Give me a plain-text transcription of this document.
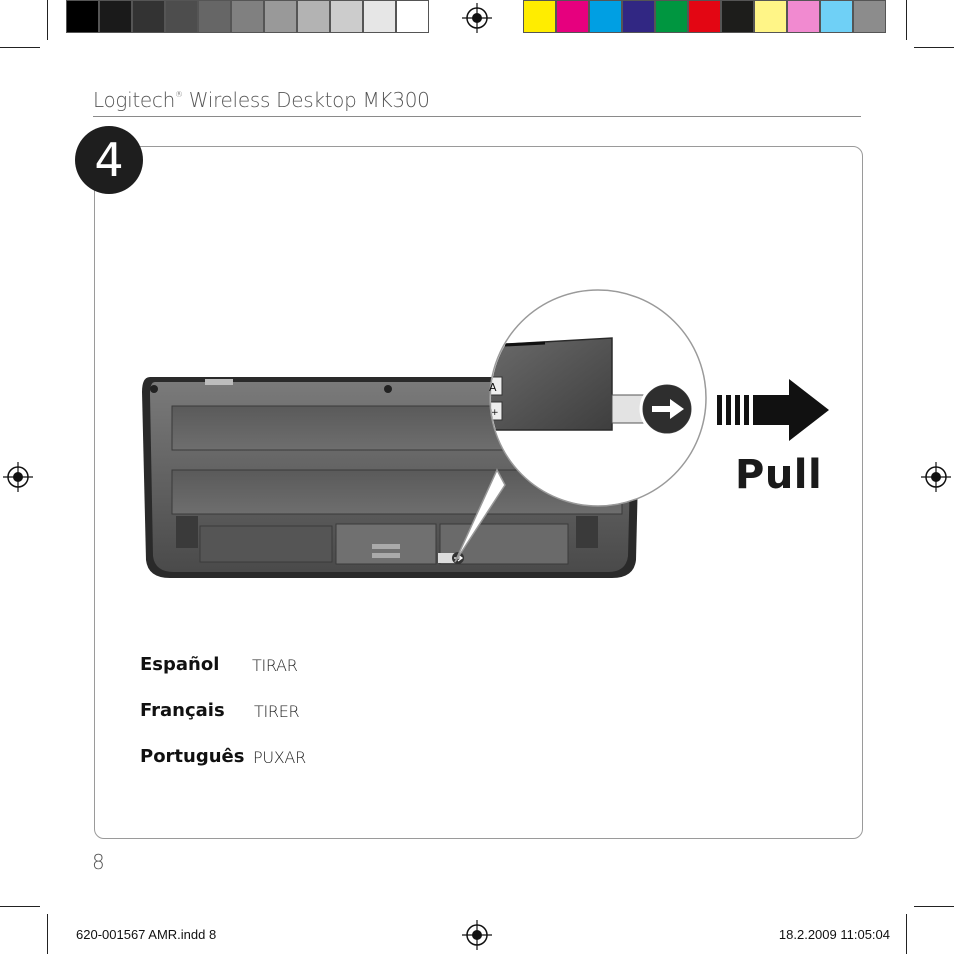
Logitech® Wireless Desktop MK300
4
A
+
Pull
Español TIRAR
Français TIRER
Português PUXAR
8
620-001567 AMR.indd 8	18.2.2009 11:05:04
